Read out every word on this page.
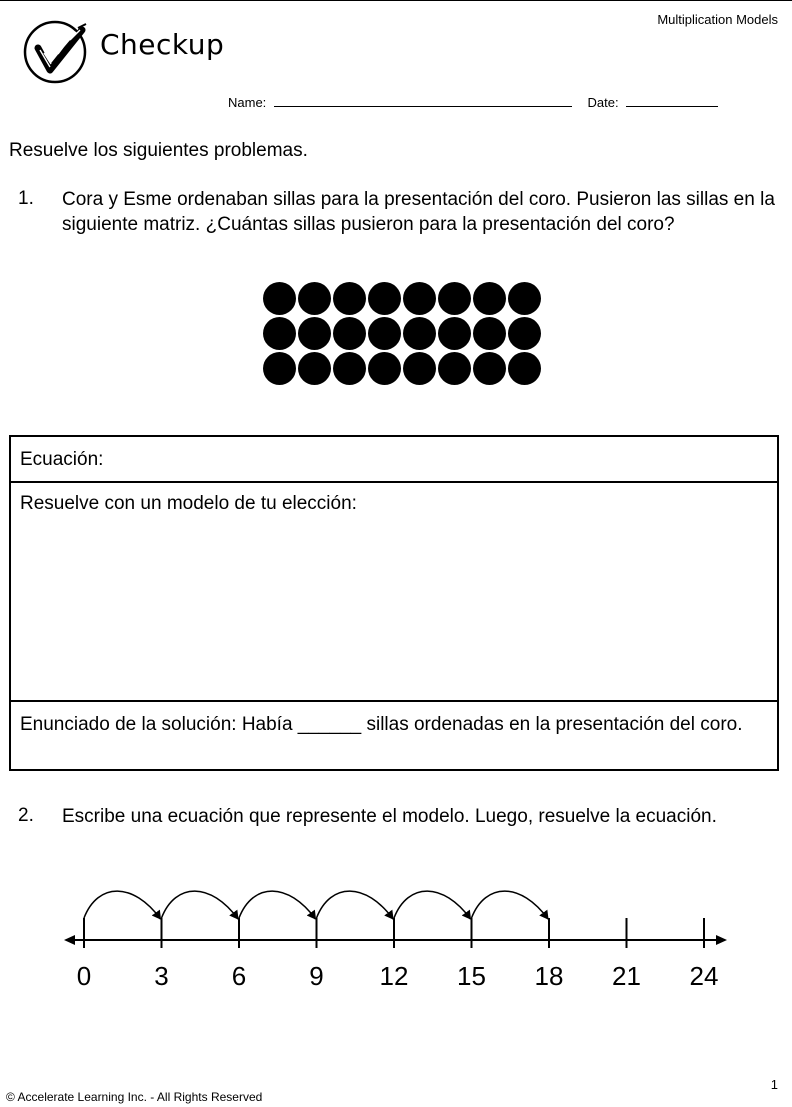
Multiplication Models
Checkup
Name:	Date:
Resuelve los siguientes problemas.
1. Cora y Esme ordenaban sillas para la presentación del coro. Pusieron las sillas en la siguiente matriz. ¿Cuántas sillas pusieron para la presentación del coro?
Ecuación:
Resuelve con un modelo de tu elección:
Enunciado de la solución: Había ______ sillas ordenadas en la presentación del coro.
2. Escribe una ecuación que represente el modelo. Luego, resuelve la ecuación.
0 3 6 9 12 15 18 21 24
1
© Accelerate Learning Inc. - All Rights Reserved
